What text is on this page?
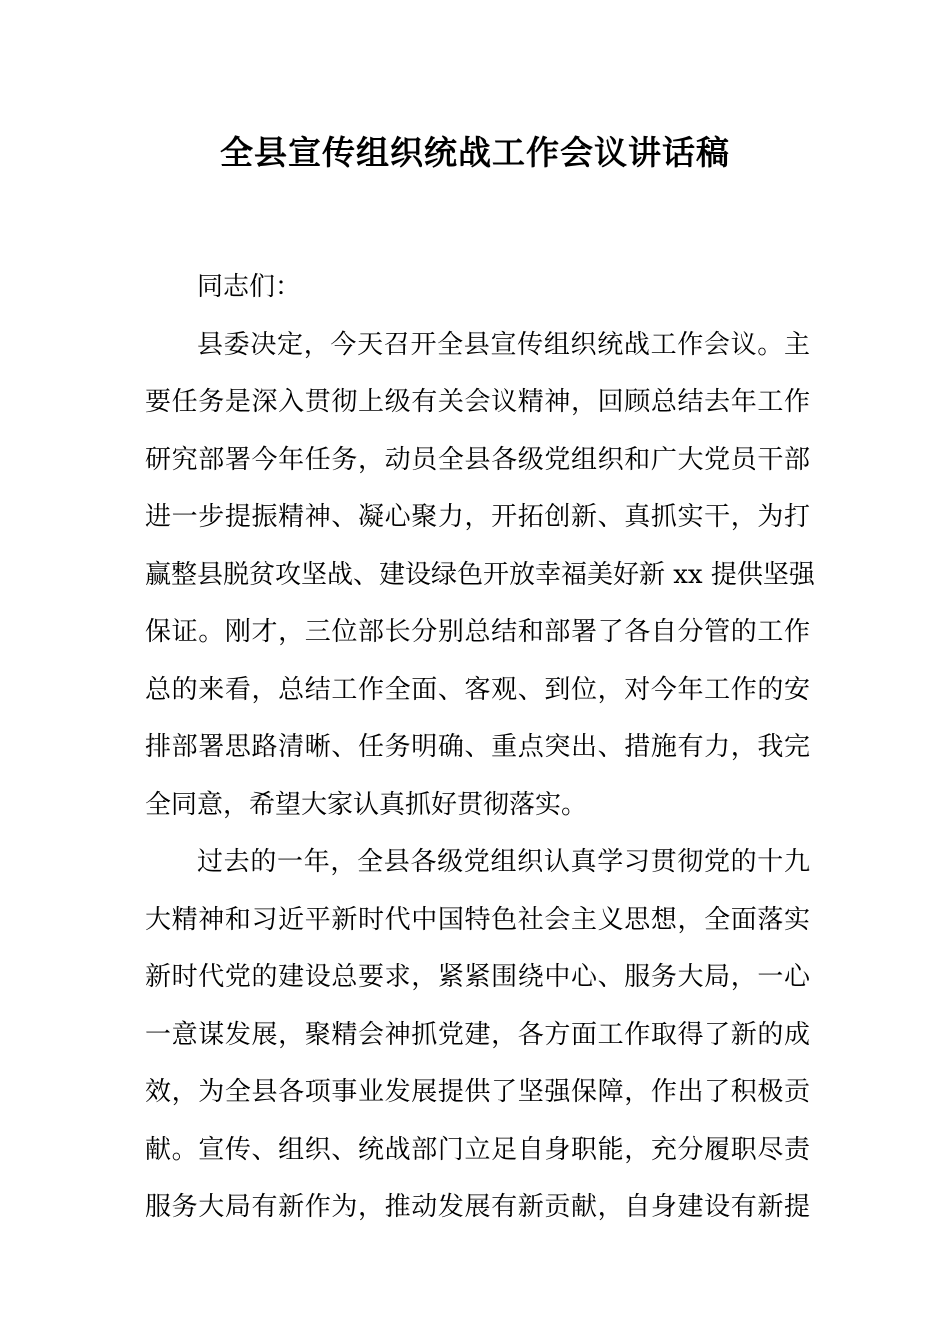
全县宣传组织统战工作会议讲话稿
同志们：
县委决定，今天召开全县宣传组织统战工作会议。主
要任务是深入贯彻上级有关会议精神，回顾总结去年工作
研究部署今年任务，动员全县各级党组织和广大党员干部
进一步提振精神、凝心聚力，开拓创新、真抓实干，为打
赢整县脱贫攻坚战、建设绿色开放幸福美好新 xx 提供坚强
保证。刚才，三位部长分别总结和部署了各自分管的工作
总的来看，总结工作全面、客观、到位，对今年工作的安
排部署思路清晰、任务明确、重点突出、措施有力，我完
全同意，希望大家认真抓好贯彻落实。
过去的一年，全县各级党组织认真学习贯彻党的十九
大精神和习近平新时代中国特色社会主义思想，全面落实
新时代党的建设总要求，紧紧围绕中心、服务大局，一心
一意谋发展，聚精会神抓党建，各方面工作取得了新的成
效，为全县各项事业发展提供了坚强保障，作出了积极贡
献。宣传、组织、统战部门立足自身职能，充分履职尽责
服务大局有新作为，推动发展有新贡献，自身建设有新提
